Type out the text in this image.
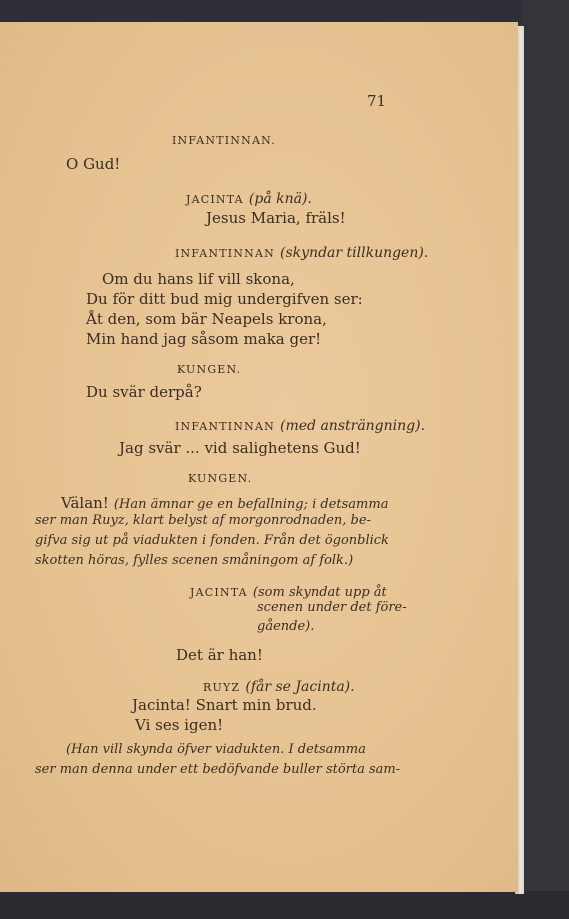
71
INFANTINNAN.
O Gud!
JACINTA (på knä).
Jesus Maria, fräls!
INFANTINNAN (skyndar tillkungen).
Om du hans lif vill skona,
Du för ditt bud mig undergifven ser:
Åt den, som bär Neapels krona,
Min hand jag såsom maka ger!
KUNGEN.
Du svär derpå?
INFANTINNAN (med ansträngning).
Jag svär ... vid salighetens Gud!
KUNGEN.
Välan! (Han ämnar ge en befallning; i detsamma
ser man Ruyz, klart belyst af morgonrodnaden, be-
gifva sig ut på viadukten i fonden. Från det ögonblick
skotten höras, fylles scenen småningom af folk.)
JACINTA (som skyndat upp åt
scenen under det före-
gående).
Det är han!
RUYZ (får se Jacinta).
Jacinta! Snart min brud.
Vi ses igen!
(Han vill skynda öfver viadukten. I detsamma
ser man denna under ett bedöfvande buller störta sam-
